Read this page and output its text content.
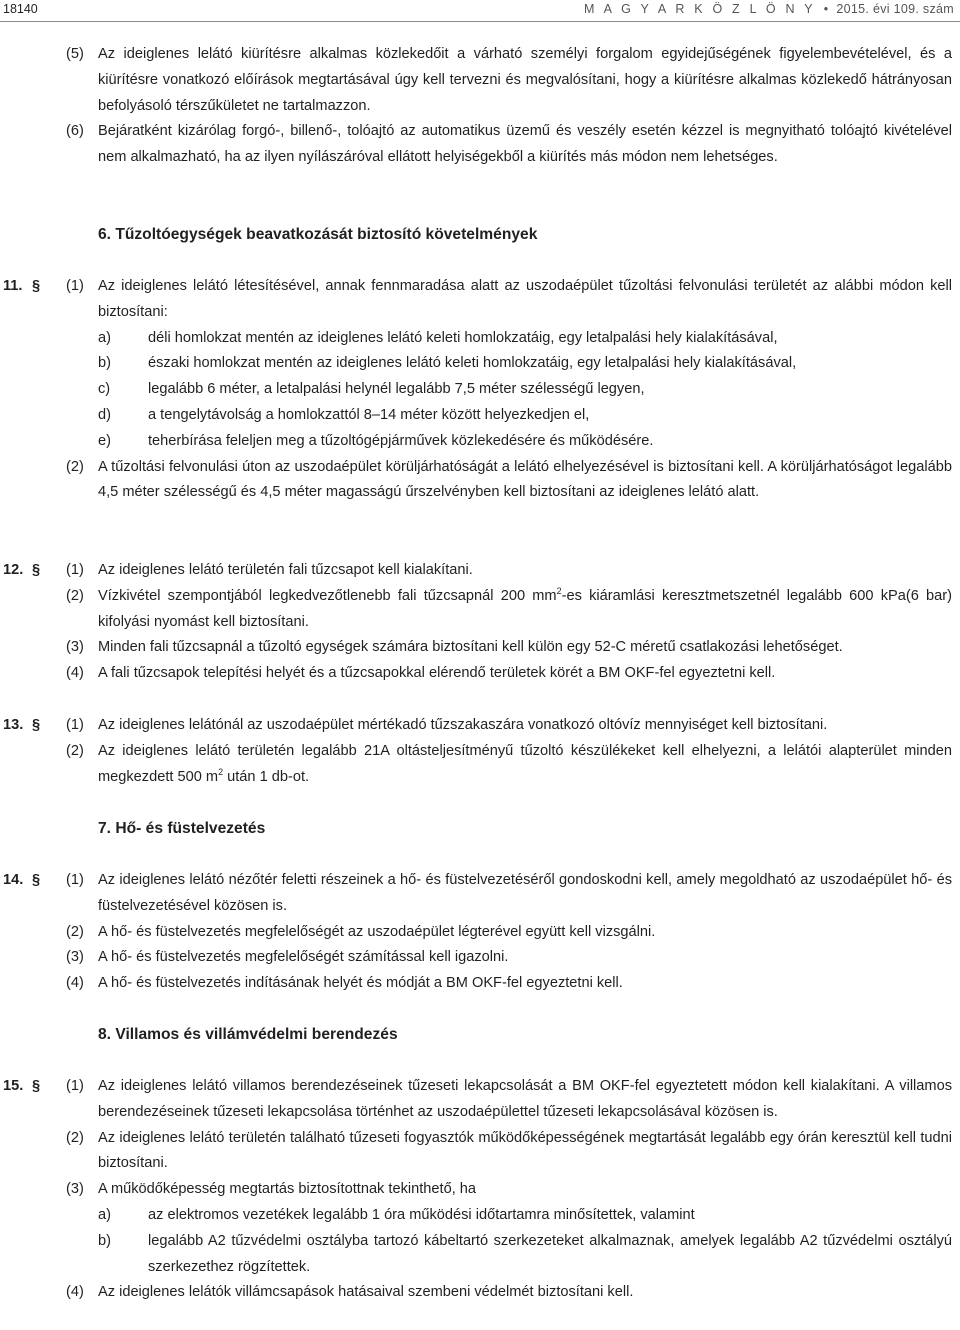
18140	M A G Y A R K Ö Z L Ö N Y • 2015. évi 109. szám
(5) Az ideiglenes lelátó kiürítésre alkalmas közlekedőit a várható személyi forgalom egyidejűségének figyelembevételével, és a kiürítésre vonatkozó előírások megtartásával úgy kell tervezni és megvalósítani, hogy a kiürítésre alkalmas közlekedő hátrányosan befolyásoló térszűkületet ne tartalmazzon.
(6) Bejáratként kizárólag forgó-, billenő-, tolóajtó az automatikus üzemű és veszély esetén kézzel is megnyitható tolóajtó kivételével nem alkalmazható, ha az ilyen nyílászáróval ellátott helyiségekből a kiürítés más módon nem lehetséges.
6. Tűzoltóegységek beavatkozását biztosító követelmények
11. § (1) Az ideiglenes lelátó létesítésével, annak fennmaradása alatt az uszodaépület tűzoltási felvonulási területét az alábbi módon kell biztosítani:
a)	déli homlokzat mentén az ideiglenes lelátó keleti homlokzatáig, egy letalpalási hely kialakításával,
b)	északi homlokzat mentén az ideiglenes lelátó keleti homlokzatáig, egy letalpalási hely kialakításával,
c)	legalább 6 méter, a letalpalási helynél legalább 7,5 méter szélességű legyen,
d)	a tengelytávolság a homlokzattól 8–14 méter között helyezkedjen el,
e)	teherbírása feleljen meg a tűzoltógépjárművek közlekedésére és működésére.
(2) A tűzoltási felvonulási úton az uszodaépület körüljárhatóságát a lelátó elhelyezésével is biztosítani kell. A körüljárhatóságot legalább 4,5 méter szélességű és 4,5 méter magasságú űrszelvényben kell biztosítani az ideiglenes lelátó alatt.
12. § (1) Az ideiglenes lelátó területén fali tűzcsapot kell kialakítani.
(2) Vízkivétel szempontjából legkedvezőtlenebb fali tűzcsapnál 200 $mm^2-es$ kiáramlási keresztmetszetnél legalább 600 kPa(6 bar) kifolyási nyomást kell biztosítani.
(3) Minden fali tűzcsapnál a tűzoltó egységek számára biztosítani kell külön egy 52-C méretű csatlakozási lehetőséget.
(4) A fali tűzcsapok telepítési helyét és a tűzcsapokkal elérendő területek körét a BM OKF-fel egyeztetni kell.
13. § (1) Az ideiglenes lelátónál az uszodaépület mértékadó tűzszakaszára vonatkozó oltóvíz mennyiséget kell biztosítani.
(2) Az ideiglenes lelátó területén legalább 21A oltásteljesítményű tűzoltó készülékeket kell elhelyezni, a lelátói alapterület minden megkezdett 500 $m^2$ után 1 db-ot.
7. Hő- és füstelvezetés
14. § (1) Az ideiglenes lelátó nézőtér feletti részeinek a hő- és füstelvezetéséről gondoskodni kell, amely megoldható az uszodaépület hő- és füstelvezetésével közösen is.
(2) A hő- és füstelvezetés megfelelőségét az uszodaépület légterével együtt kell vizsgálni.
(3) A hő- és füstelvezetés megfelelőségét számítással kell igazolni.
(4) A hő- és füstelvezetés indításának helyét és módját a BM OKF-fel egyeztetni kell.
8. Villamos és villámvédelmi berendezés
15. § (1) Az ideiglenes lelátó villamos berendezéseinek tűzeseti lekapcsolását a BM OKF-fel egyeztetett módon kell kialakítani. A villamos berendezéseinek tűzeseti lekapcsolása történhet az uszodaépülettel tűzeseti lekapcsolásával közösen is.
(2) Az ideiglenes lelátó területén található tűzeseti fogyasztók működőképességének megtartását legalább egy órán keresztül kell tudni biztosítani.
(3) A működőképesség megtartás biztosítottnak tekinthető, ha
a)	az elektromos vezetékek legalább 1 óra működési időtartamra minősítettek, valamint
b)	legalább A2 tűzvédelmi osztályba tartozó kábeltartó szerkezeteket alkalmaznak, amelyek legalább A2 tűzvédelmi osztályú szerkezethez rögzítettek.
(4) Az ideiglenes lelátók villámcsapások hatásaival szembeni védelmét biztosítani kell.
